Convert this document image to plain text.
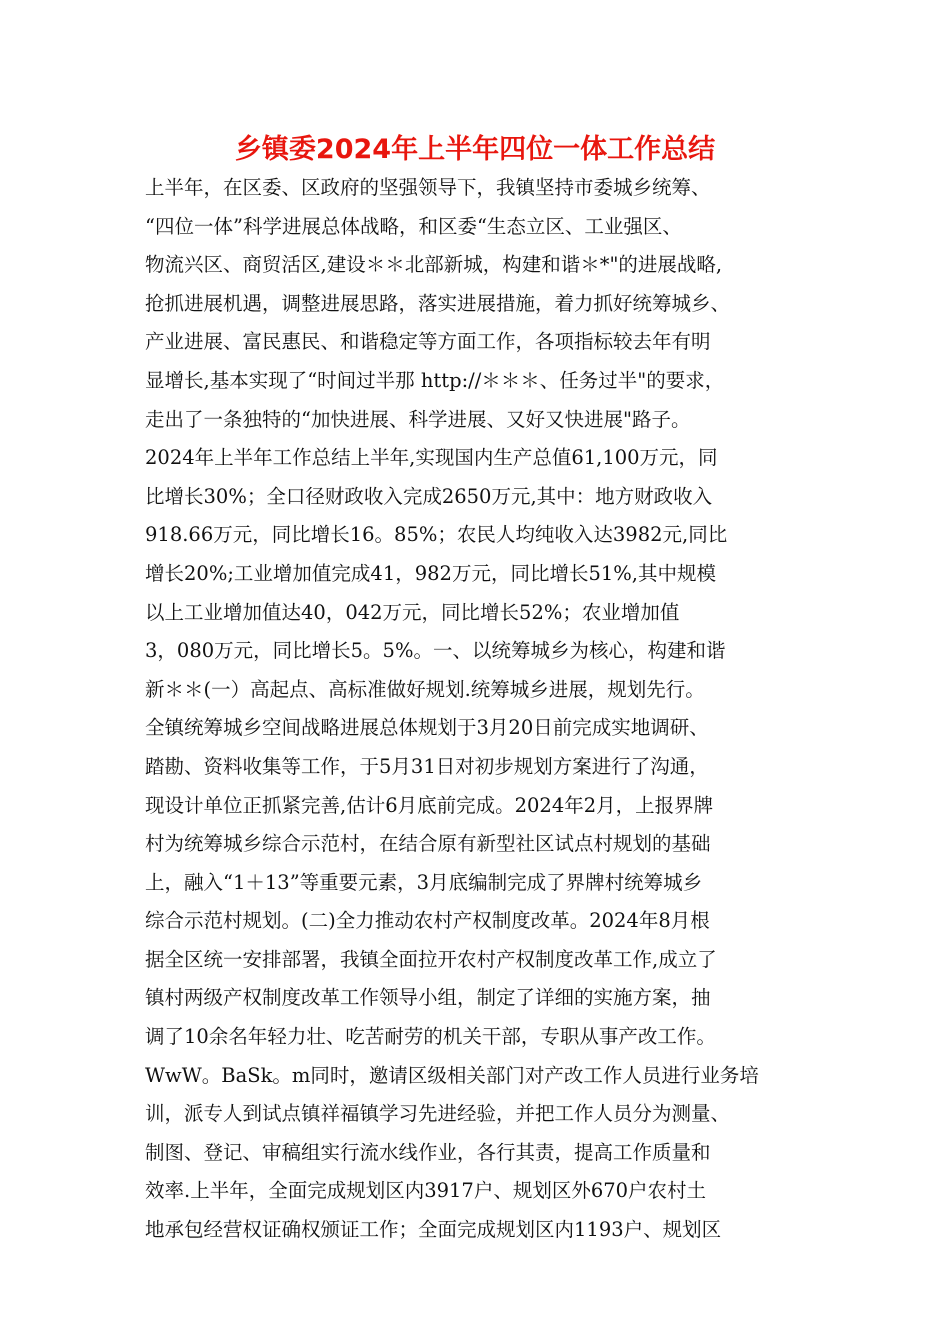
乡镇委2024年上半年四位一体工作总结
上半年，在区委、区政府的坚强领导下，我镇坚持市委城乡统筹、
“四位一体”科学进展总体战略，和区委“生态立区、工业强区、
物流兴区、商贸活区,建设＊＊北部新城，构建和谐＊*"的进展战略,
抢抓进展机遇，调整进展思路，落实进展措施，着力抓好统筹城乡、
产业进展、富民惠民、和谐稳定等方面工作，各项指标较去年有明
显增长,基本实现了“时间过半那 http://＊＊＊、任务过半"的要求，
走出了一条独特的“加快进展、科学进展、又好又快进展"路子。
2024年上半年工作总结上半年,实现国内生产总值61,100万元，同
比增长30%；全口径财政收入完成2650万元,其中：地方财政收入
918.66万元，同比增长16。85%；农民人均纯收入达3982元,同比
增长20%;工业增加值完成41，982万元，同比增长51%,其中规模
以上工业增加值达40，042万元，同比增长52%；农业增加值
3，080万元，同比增长5。5%。一、以统筹城乡为核心，构建和谐
新＊＊(一）高起点、高标准做好规划.统筹城乡进展，规划先行。
全镇统筹城乡空间战略进展总体规划于3月20日前完成实地调研、
踏勘、资料收集等工作，于5月31日对初步规划方案进行了沟通，
现设计单位正抓紧完善,估计6月底前完成。2024年2月，上报界牌
村为统筹城乡综合示范村，在结合原有新型社区试点村规划的基础
上，融入“1＋13”等重要元素，3月底编制完成了界牌村统筹城乡
综合示范村规划。(二)全力推动农村产权制度改革。2024年8月根
据全区统一安排部署，我镇全面拉开农村产权制度改革工作,成立了
镇村两级产权制度改革工作领导小组，制定了详细的实施方案，抽
调了10余名年轻力壮、吃苦耐劳的机关干部，专职从事产改工作。
WwW。BaSk。m同时，邀请区级相关部门对产改工作人员进行业务培
训，派专人到试点镇祥福镇学习先进经验，并把工作人员分为测量、
制图、登记、审稿组实行流水线作业，各行其责，提高工作质量和
效率.上半年，全面完成规划区内3917户、规划区外670户农村土
地承包经营权证确权颁证工作；全面完成规划区内1193户、规划区
